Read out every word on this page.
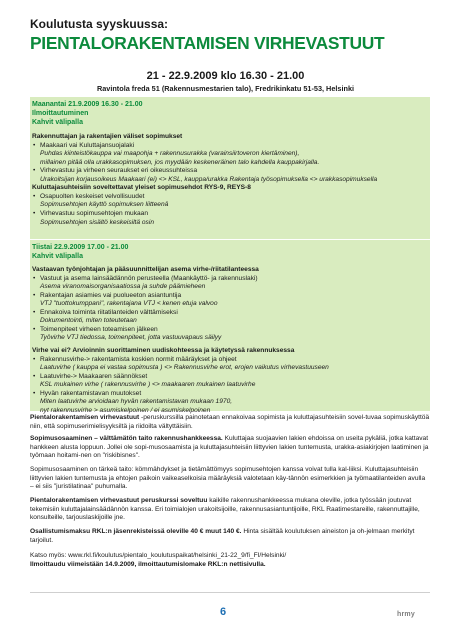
Koulutusta syyskuussa:
PIENTALORAKENTAMISEN VIRHEVASTUUT
21 - 22.9.2009 klo 16.30 - 21.00
Ravintola freda 51 (Rakennusmestarien talo), Fredrikinkatu 51-53, Helsinki
Maanantai 21.9.2009 16.30 - 21.00
Ilmoittautuminen
Kahvit välipalla
Rakennuttajan ja rakentajien väliset sopimukset
• Maakaari vai Kuluttajansuojalaki
Puhdas kiinteistökauppa vai maapohja + rakennusurakka (varainsiirtoveron kiertäminen),
millainen pitää olla urakkasopimuksen, jos myydään keskeneräinen talo kahdella kauppakirjalla.
• Virhevastuu ja virheen seuraukset eri oikeussuhteissa
Urakoitsijan korjausoikeus Maakaari (ei) <> KSL, kauppa/urakka Rakentaja työsopimuksella <> urakkasopimuksella
Kuluttajasuhteisiin soveltettavat yleiset sopimusehdot RYS-9, REYS-8
• Osapuolten keskeiset velvollisuudet
Sopimusehtojen käyttö sopimuksen liitteenä
• Virhevastuu sopimusehtojen mukaan
Sopimusehtojen sisältö keskeisiltä osin
Tiistai 22.9.2009 17.00 - 21.00
Kahvit välipalla
Vastaavan työnjohtajan ja pääsuunnittelijan asema virhe-/riitatilanteessa
• Vastuut ja asema lainsäädännön perusteella (Maankäyttö- ja rakennuslaki)
Asema viranomaisorganisaatiossa ja suhde päämieheen
• Rakentajan asiamies vai puolueeton asiantuntija
VTJ "tuottokumppani", rakentajana VTJ < kenen etuja valvoo
• Ennakoiva toiminta riitatilanteiden välttämiseksi
Dokumentointi, miten toteutetaan
• Toimenpiteet virheen toteamisen jälkeen
Työvirhe VTJ tiedossa, toimenpiteet, jotta vastuuvapaus säilyy
Virhe vai ei? Arvioinnin suorittaminen uudiskohteessa ja käytetyssä rakennuksessa
• Rakennusvirhe-> rakentamista koskien normit määräykset ja ohjeet
Laatuvirhe ( kauppa ei vastaa sopimusta ) <> Rakennusvirhe erot, erojen vaikutus virhevastuuseen
• Laatuvirhe-> Maakaaren säännökset
KSL mukainen virhe ( rakennusvirhe ) <> maakaaren mukainen laatuvirhe
• Hyvän rakentamistavan muutokset
Miten laatuvirhe arvioidaan hyvän rakentamistavan mukaan 1970,
nyt rakennusvirhe > asumiskelpoinen / ei asumiskelpoinen
Pientalorakentamisen virhevastuut -peruskurssilla painotetaan ennakoivaa sopimista ja kuluttajasuhteisiin sovel-tuvaa sopimuskäyttöä niin, että sopimuserimielisyyksiltä ja riidoilta vältyttäisiin.
Sopimusosaaminen – välttämätön taito rakennushankkeessa. Kuluttajaa suojaavien lakien ehdoissa on useita pykäliä, jotka kattavat hankkeen alusta loppuun. Jollei ole sopi-musosaamista ja kuluttajasuhteisiin liittyvien lakien tuntemusta, urakka-asiakirjojen laatiminen ja työmaan hoitami-nen on "riskibisnes".
Sopimusosaaminen on tärkeä taito: kömmähdykset ja tietämättömyys sopimusehtojen kanssa voivat tulla kal-liiksi. Kuluttajasuhteisiin liittyvien lakien tuntemusta ja ehtojen paikoin vaikeaselkoisia määräyksiä valotetaan käy-tännön esimerkkien ja työmaatilanteiden avulla – ei siis "juristilatinaa" puhumalla.
Pientalorakentamisen virhevastuut peruskurssi soveltuu kaikille rakennushankkeessa mukana oleville, jotka työssään joutuvat tekemisiin kuluttajalainsäädännön kanssa. Eri toimialojen urakoitsijoille, rakennusasiantuntijoille, RKL Raatimestareille, rakennuttajille, konsulteille, tarjouslaskijoille jne.
Osallistumismaksu RKL:n jäsenrekisteissä oleville 40 € muut 140 €. Hinta sisältää koulutuksen aineiston ja oh-jelmaan merkityt tarjoilut.
Katso myös: www.rkl.fi/koulutus/pientalo_koulutuspaikat/helsinki_21-22_9/fi_FI/Helsinki/
Ilmoittaudu viimeistään 14.9.2009, ilmoittautumislomake RKL:n nettisivulla.
6	hrmy
